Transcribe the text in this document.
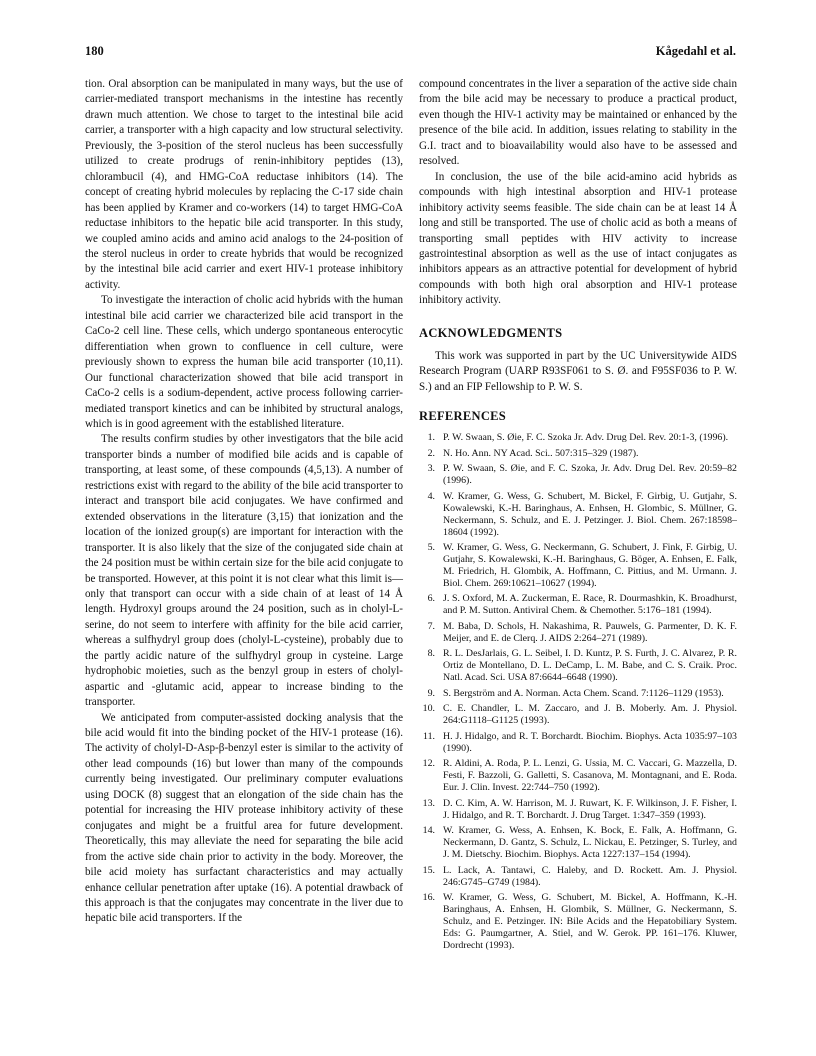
180	Kågedahl et al.

tion. Oral absorption can be manipulated in many ways, but the use of carrier-mediated transport mechanisms in the intestine has recently drawn much attention. We chose to target to the intestinal bile acid carrier, a transporter with a high capacity and low structural selectivity. Previously, the 3-position of the sterol nucleus has been successfully utilized to create prodrugs of renin-inhibitory peptides (13), chlorambucil (4), and HMG-CoA reductase inhibitors (14). The concept of creating hybrid molecules by replacing the C-17 side chain has been applied by Kramer and co-workers (14) to target HMG-CoA reductase inhibitors to the hepatic bile acid transporter. In this study, we coupled amino acids and amino acid analogs to the 24-position of the sterol nucleus in order to create hybrids that would be recognized by the intestinal bile acid carrier and exert HIV-1 protease inhibitory activity.

To investigate the interaction of cholic acid hybrids with the human intestinal bile acid carrier we characterized bile acid transport in the CaCo-2 cell line. These cells, which undergo spontaneous enterocytic differentiation when grown to confluence in cell culture, were previously shown to express the human bile acid transporter (10,11). Our functional characterization showed that bile acid transport in CaCo-2 cells is a sodium-dependent, active process following carrier-mediated transport kinetics and can be inhibited by structural analogs, which is in good agreement with the established literature.

The results confirm studies by other investigators that the bile acid transporter binds a number of modified bile acids and is capable of transporting, at least some, of these compounds (4,5,13). A number of restrictions exist with regard to the ability of the bile acid transporter to interact and transport bile acid conjugates. We have confirmed and extended observations in the literature (3,15) that ionization and the location of the ionized group(s) are important for interaction with the transporter. It is also likely that the size of the conjugated side chain at the 24 position must be within certain size for the bile acid conjugate to be transported. However, at this point it is not clear what this limit is—only that transport can occur with a side chain of at least of 14 Å length. Hydroxyl groups around the 24 position, such as in cholyl-L-serine, do not seem to interfere with affinity for the bile acid carrier, whereas a sulfhydryl group does (cholyl-L-cysteine), probably due to the partly acidic nature of the sulfhydryl group in cysteine. Large hydrophobic moieties, such as the benzyl group in esters of cholyl-aspartic and -glutamic acid, appear to increase binding to the transporter.

We anticipated from computer-assisted docking analysis that the bile acid would fit into the binding pocket of the HIV-1 protease (16). The activity of cholyl-D-Asp-β-benzyl ester is similar to the activity of other lead compounds (16) but lower than many of the compounds currently being investigated. Our preliminary computer evaluations using DOCK (8) suggest that an elongation of the side chain has the potential for increasing the HIV protease inhibitory activity of these conjugates and might be a fruitful area for future development. Theoretically, this may alleviate the need for separating the bile acid from the active side chain prior to activity in the body. Moreover, the bile acid moiety has surfactant characteristics and may actually enhance cellular penetration after uptake (16). A potential drawback of this approach is that the conjugates may concentrate in the liver due to hepatic bile acid transporters. If the

compound concentrates in the liver a separation of the active side chain from the bile acid may be necessary to produce a practical product, even though the HIV-1 activity may be maintained or enhanced by the presence of the bile acid. In addition, issues relating to stability in the G.I. tract and to bioavailability would also have to be assessed and resolved.

In conclusion, the use of the bile acid-amino acid hybrids as compounds with high intestinal absorption and HIV-1 protease inhibitory activity seems feasible. The side chain can be at least 14 Å long and still be transported. The use of cholic acid as both a means of transporting small peptides with HIV activity to increase gastrointestinal absorption as well as the use of intact conjugates as inhibitors appears as an attractive potential for development of hybrid compounds with both high oral absorption and HIV-1 protease inhibitory activity.

ACKNOWLEDGMENTS

This work was supported in part by the UC Universitywide AIDS Research Program (UARP R93SF061 to S. Ø. and F95SF036 to P. W. S.) and an FIP Fellowship to P. W. S.

REFERENCES
1. P. W. Swaan, S. Øie, F. C. Szoka Jr. Adv. Drug Del. Rev. 20:1-3, (1996).
2. N. Ho. Ann. NY Acad. Sci.. 507:315–329 (1987).
3. P. W. Swaan, S. Øie, and F. C. Szoka, Jr. Adv. Drug Del. Rev. 20:59–82 (1996).
4. W. Kramer, G. Wess, G. Schubert, M. Bickel, F. Girbig, U. Gutjahr, S. Kowalewski, K.-H. Baringhaus, A. Enhsen, H. Glombic, S. Müllner, G. Neckermann, S. Schulz, and E. J. Petzinger. J. Biol. Chem. 267:18598–18604 (1992).
5. W. Kramer, G. Wess, G. Neckermann, G. Schubert, J. Fink, F. Girbig, U. Gutjahr, S. Kowalewski, K.-H. Baringhaus, G. Böger, A. Enhsen, E. Falk, M. Friedrich, H. Glombik, A. Hoffmann, C. Pittius, and M. Urmann. J. Biol. Chem. 269:10621–10627 (1994).
6. J. S. Oxford, M. A. Zuckerman, E. Race, R. Dourmashkin, K. Broadhurst, and P. M. Sutton. Antiviral Chem. & Chemother. 5:176–181 (1994).
7. M. Baba, D. Schols, H. Nakashima, R. Pauwels, G. Parmenter, D. K. F. Meijer, and E. de Clerq. J. AIDS 2:264–271 (1989).
8. R. L. DesJarlais, G. L. Seibel, I. D. Kuntz, P. S. Furth, J. C. Alvarez, P. R. Ortiz de Montellano, D. L. DeCamp, L. M. Babe, and C. S. Craik. Proc. Natl. Acad. Sci. USA 87:6644–6648 (1990).
9. S. Bergström and A. Norman. Acta Chem. Scand. 7:1126–1129 (1953).
10. C. E. Chandler, L. M. Zaccaro, and J. B. Moberly. Am. J. Physiol. 264:G1118–G1125 (1993).
11. H. J. Hidalgo, and R. T. Borchardt. Biochim. Biophys. Acta 1035:97–103 (1990).
12. R. Aldini, A. Roda, P. L. Lenzi, G. Ussia, M. C. Vaccari, G. Mazzella, D. Festi, F. Bazzoli, G. Galletti, S. Casanova, M. Montagnani, and E. Roda. Eur. J. Clin. Invest. 22:744–750 (1992).
13. D. C. Kim, A. W. Harrison, M. J. Ruwart, K. F. Wilkinson, J. F. Fisher, I. J. Hidalgo, and R. T. Borchardt. J. Drug Target. 1:347–359 (1993).
14. W. Kramer, G. Wess, A. Enhsen, K. Bock, E. Falk, A. Hoffmann, G. Neckermann, D. Gantz, S. Schulz, L. Nickau, E. Petzinger, S. Turley, and J. M. Dietschy. Biochim. Biophys. Acta 1227:137–154 (1994).
15. L. Lack, A. Tantawi, C. Haleby, and D. Rockett. Am. J. Physiol. 246:G745–G749 (1984).
16. W. Kramer, G. Wess, G. Schubert, M. Bickel, A. Hoffmann, K.-H. Baringhaus, A. Enhsen, H. Glombik, S. Müllner, G. Neckermann, S. Schulz, and E. Petzinger. IN: Bile Acids and the Hepatobiliary System. Eds: G. Paumgartner, A. Stiel, and W. Gerok. PP. 161–176. Kluwer, Dordrecht (1993).
